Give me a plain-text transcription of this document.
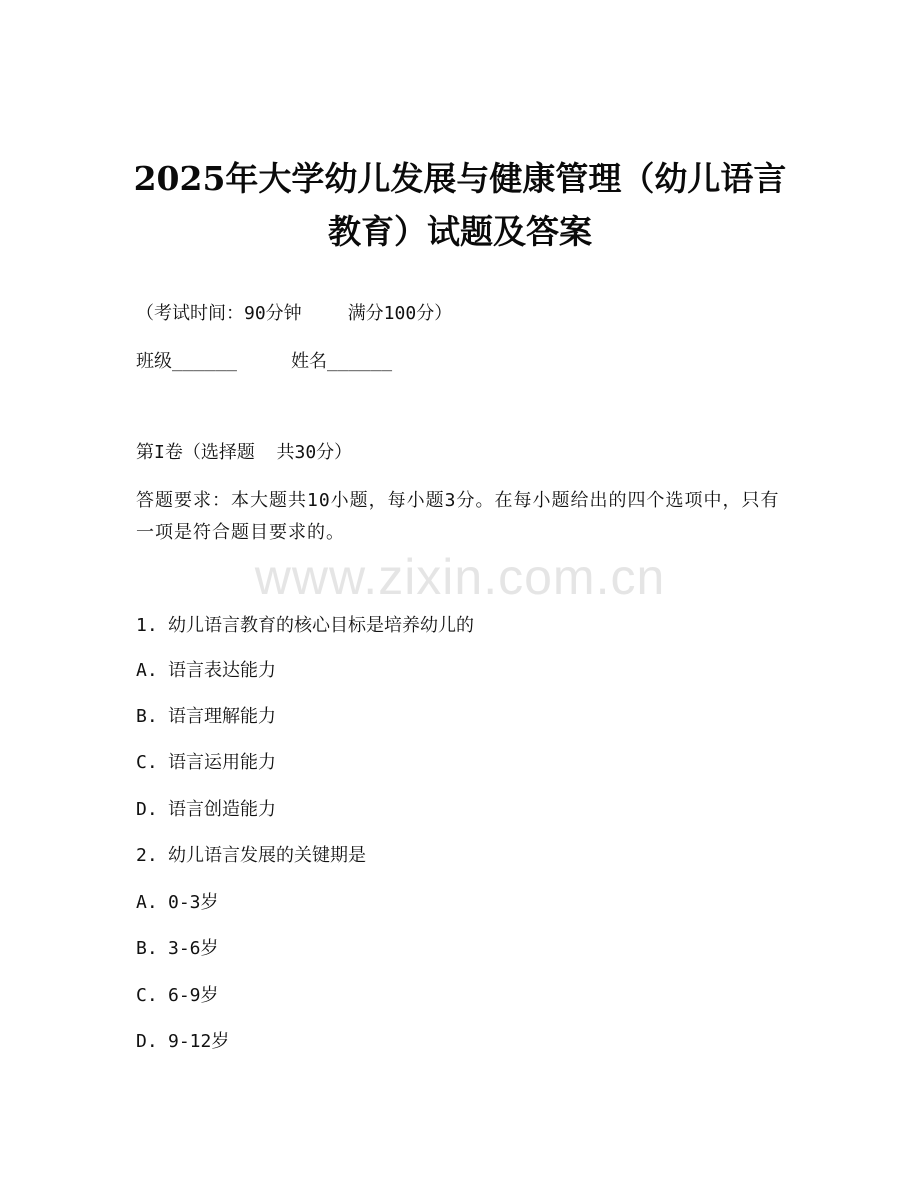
2025年大学幼儿发展与健康管理（幼儿语言
教育）试题及答案
（考试时间：90分钟	满分100分）
班级______	姓名______
第I卷（选择题  共30分）
答题要求：本大题共10小题，每小题3分。在每小题给出的四个选项中，只有一项是符合题目要求的。
www.zixin.com.cn
1. 幼儿语言教育的核心目标是培养幼儿的
A. 语言表达能力
B. 语言理解能力
C. 语言运用能力
D. 语言创造能力
2. 幼儿语言发展的关键期是
A. 0-3岁
B. 3-6岁
C. 6-9岁
D. 9-12岁
